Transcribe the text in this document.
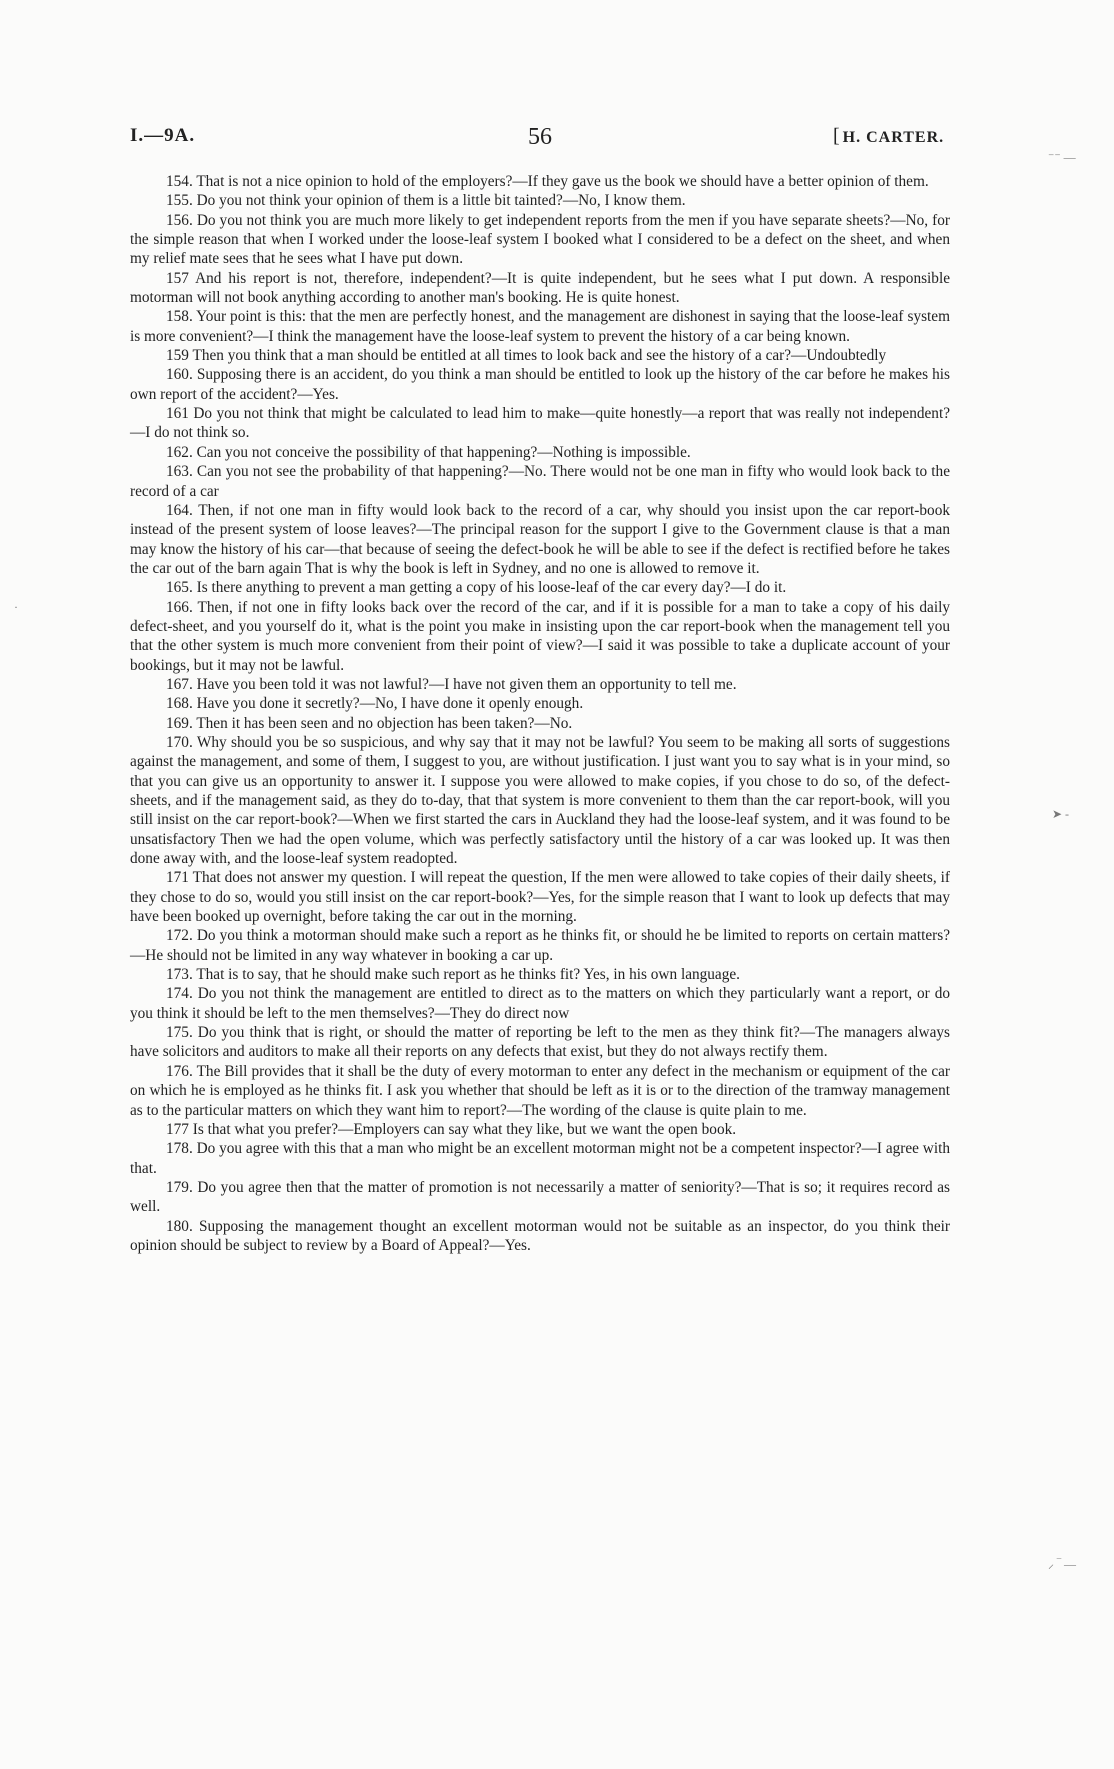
I.—9A.	56	[ H. CARTER.
⁻⁻ ―
·
➤ -
⸝ ‾ ―

154. That is not a nice opinion to hold of the employers?—If they gave us the book we should have a better opinion of them.

155. Do you not think your opinion of them is a little bit tainted?—No, I know them.

156. Do you not think you are much more likely to get independent reports from the men if you have separate sheets?—No, for the simple reason that when I worked under the loose-leaf system I booked what I considered to be a defect on the sheet, and when my relief mate sees that he sees what I have put down.

157 And his report is not, therefore, independent?—It is quite independent, but he sees what I put down. A responsible motorman will not book anything according to another man's booking. He is quite honest.

158. Your point is this: that the men are perfectly honest, and the management are dishonest in saying that the loose-leaf system is more convenient?—I think the management have the loose-leaf system to prevent the history of a car being known.

159 Then you think that a man should be entitled at all times to look back and see the history of a car?—Undoubtedly

160. Supposing there is an accident, do you think a man should be entitled to look up the history of the car before he makes his own report of the accident?—Yes.

161 Do you not think that might be calculated to lead him to make—quite honestly—a report that was really not independent?—I do not think so.

162. Can you not conceive the possibility of that happening?—Nothing is impossible.

163. Can you not see the probability of that happening?—No. There would not be one man in fifty who would look back to the record of a car

164. Then, if not one man in fifty would look back to the record of a car, why should you insist upon the car report-book instead of the present system of loose leaves?—The principal reason for the support I give to the Government clause is that a man may know the history of his car—that because of seeing the defect-book he will be able to see if the defect is rectified before he takes the car out of the barn again That is why the book is left in Sydney, and no one is allowed to remove it.

165. Is there anything to prevent a man getting a copy of his loose-leaf of the car every day?—I do it.

166. Then, if not one in fifty looks back over the record of the car, and if it is possible for a man to take a copy of his daily defect-sheet, and you yourself do it, what is the point you make in insisting upon the car report-book when the management tell you that the other system is much more convenient from their point of view?—I said it was possible to take a duplicate account of your bookings, but it may not be lawful.

167. Have you been told it was not lawful?—I have not given them an opportunity to tell me.

168. Have you done it secretly?—No, I have done it openly enough.

169. Then it has been seen and no objection has been taken?—No.

170. Why should you be so suspicious, and why say that it may not be lawful? You seem to be making all sorts of suggestions against the management, and some of them, I suggest to you, are without justification. I just want you to say what is in your mind, so that you can give us an opportunity to answer it. I suppose you were allowed to make copies, if you chose to do so, of the defect-sheets, and if the management said, as they do to-day, that that system is more convenient to them than the car report-book, will you still insist on the car report-book?—When we first started the cars in Auckland they had the loose-leaf system, and it was found to be unsatisfactory Then we had the open volume, which was perfectly satisfactory until the history of a car was looked up. It was then done away with, and the loose-leaf system readopted.

171 That does not answer my question. I will repeat the question, If the men were allowed to take copies of their daily sheets, if they chose to do so, would you still insist on the car report-book?—Yes, for the simple reason that I want to look up defects that may have been booked up overnight, before taking the car out in the morning.

172. Do you think a motorman should make such a report as he thinks fit, or should he be limited to reports on certain matters?—He should not be limited in any way whatever in booking a car up.

173. That is to say, that he should make such report as he thinks fit? Yes, in his own language.

174. Do you not think the management are entitled to direct as to the matters on which they particularly want a report, or do you think it should be left to the men themselves?—They do direct now

175. Do you think that is right, or should the matter of reporting be left to the men as they think fit?—The managers always have solicitors and auditors to make all their reports on any defects that exist, but they do not always rectify them.

176. The Bill provides that it shall be the duty of every motorman to enter any defect in the mechanism or equipment of the car on which he is employed as he thinks fit. I ask you whether that should be left as it is or to the direction of the tramway management as to the particular matters on which they want him to report?—The wording of the clause is quite plain to me.

177 Is that what you prefer?—Employers can say what they like, but we want the open book.

178. Do you agree with this that a man who might be an excellent motorman might not be a competent inspector?—I agree with that.

179. Do you agree then that the matter of promotion is not necessarily a matter of seniority?—That is so; it requires record as well.

180. Supposing the management thought an excellent motorman would not be suitable as an inspector, do you think their opinion should be subject to review by a Board of Appeal?—Yes.
